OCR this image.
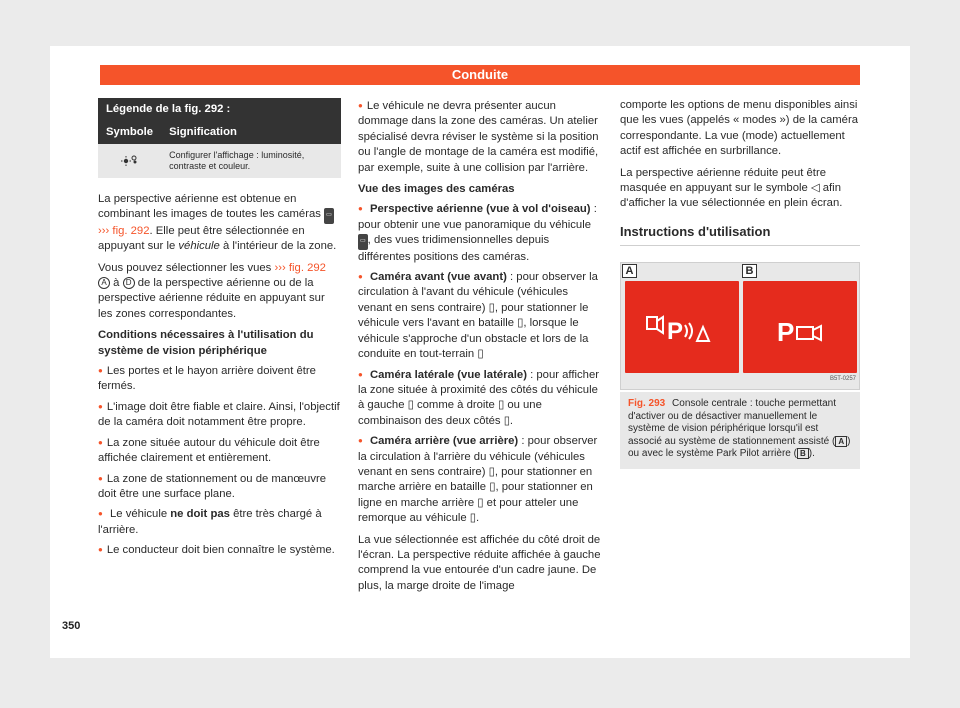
Conduite
Légende de la fig. 292 :	
Symbole	Signification
	Configurer l'affichage : luminosité, contraste et couleur.

La perspective aérienne est obtenue en combinant les images de toutes les caméras ▭
››› fig. 292. Elle peut être sélectionnée en appuyant sur le véhicule à l'intérieur de la zone.

Vous pouvez sélectionner les vues ››› fig. 292 A à D de la perspective aérienne ou de la perspective aérienne réduite en appuyant sur les zones correspondantes.

Conditions nécessaires à l'utilisation du système de vision périphérique
● Les portes et le hayon arrière doivent être fermés.
● L'image doit être fiable et claire. Ainsi, l'objectif de la caméra doit notamment être propre.
● La zone située autour du véhicule doit être affichée clairement et entièrement.
● La zone de stationnement ou de manœuvre doit être une surface plane.
● Le véhicule ne doit pas être très chargé à l'arrière.
● Le conducteur doit bien connaître le système.
● Le véhicule ne devra présenter aucun dommage dans la zone des caméras. Un atelier spécialisé devra réviser le système si la position ou l'angle de montage de la caméra est modifié, par exemple, suite à une collision par l'arrière.
Vue des images des caméras
● Perspective aérienne (vue à vol d'oiseau) : pour obtenir une vue panoramique du véhicule ▭ , des vues tridimensionnelles depuis différentes positions des caméras.
● Caméra avant (vue avant) : pour observer la circulation à l'avant du véhicule (véhicules venant en sens contraire) ▯, pour stationner le véhicule vers l'avant en bataille ▯, lorsque le véhicule s'approche d'un obstacle et lors de la conduite en tout-terrain ▯
● Caméra latérale (vue latérale) : pour afficher la zone située à proximité des côtés du véhicule à gauche ▯ comme à droite ▯ ou une combinaison des deux côtés ▯.
● Caméra arrière (vue arrière) : pour observer la circulation à l'arrière du véhicule (véhicules venant en sens contraire) ▯, pour stationner en marche arrière en bataille ▯, pour stationner en ligne en marche arrière ▯ et pour atteler une remorque au véhicule ▯.

La vue sélectionnée est affichée du côté droit de l'écran. La perspective réduite affichée à gauche comprend la vue entourée d'un cadre jaune. De plus, la marge droite de l'image

comporte les options de menu disponibles ainsi que les vues (appelés « modes ») de la caméra correspondante. La vue (mode) actuellement actif est affichée en surbrillance.

La perspective aérienne réduite peut être masquée en appuyant sur le symbole ◁ afin d'afficher la vue sélectionnée en plein écran.

Instructions d'utilisation
A	B
P	P
B5T-0257
Fig. 293 Console centrale : touche permettant d'activer ou de désactiver manuellement le système de vision périphérique lorsqu'il est associé au système de stationnement assisté ( A ) ou avec le système Park Pilot arrière ( B ).
350
